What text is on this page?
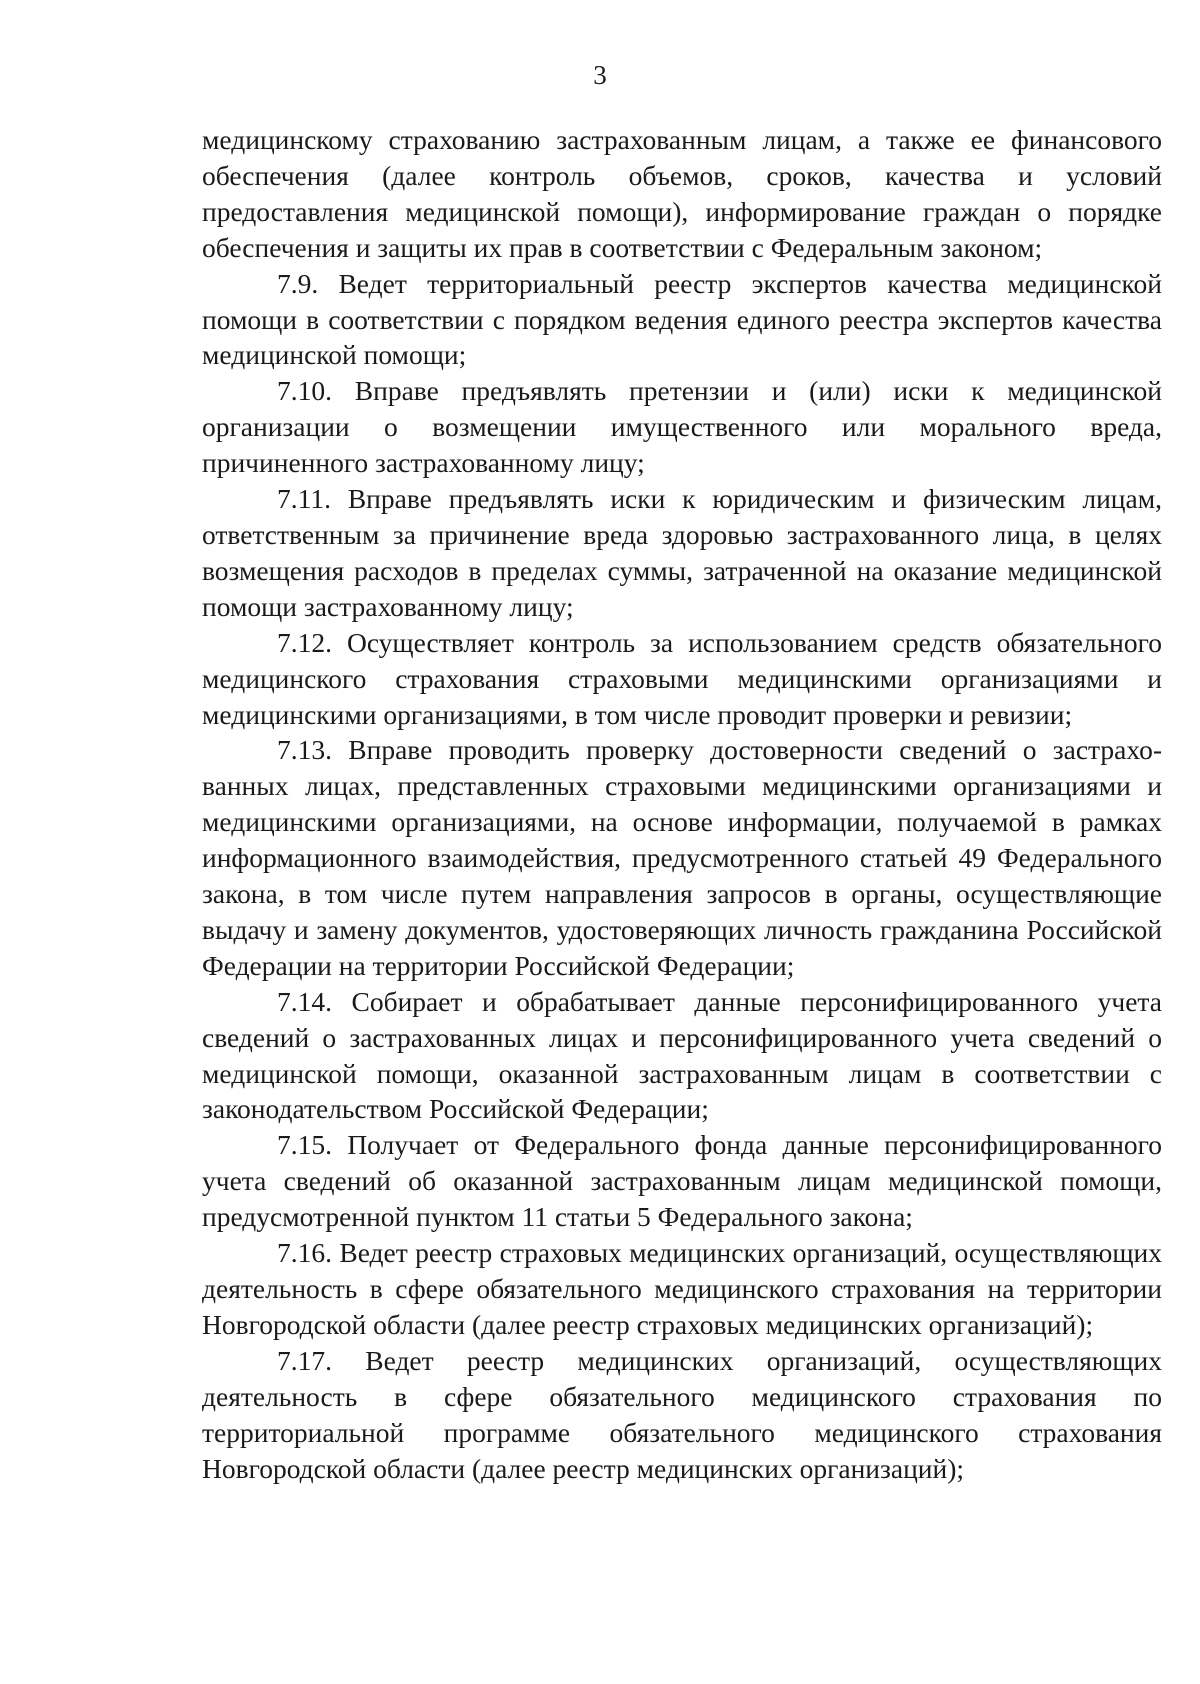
3

медицинскому страхованию застрахованным лицам, а также ее финансового обеспечения (далее контроль объемов, сроков, качества и условий предоставления медицинской помощи), информирование граждан о порядке обеспечения и защиты их прав в соответствии с Федеральным законом;

7.9. Ведет территориальный реестр экспертов качества медицинской помощи в соответствии с порядком ведения единого реестра экспертов качества медицинской помощи;

7.10. Вправе предъявлять претензии и (или) иски к медицинской организации о возмещении имущественного или морального вреда, причиненного застрахованному лицу;

7.11. Вправе предъявлять иски к юридическим и физическим лицам, ответственным за причинение вреда здоровью застрахованного лица, в целях возмещения расходов в пределах суммы, затраченной на оказание медицинской помощи застрахованному лицу;

7.12. Осуществляет контроль за использованием средств обязательного медицинского страхования страховыми медицинскими организациями и медицинскими организациями, в том числе проводит проверки и ревизии;

7.13. Вправе проводить проверку достоверности сведений о застрахованных лицах, представленных страховыми медицинскими организациями и медицинскими организациями, на основе информации, получаемой в рамках информационного взаимодействия, предусмотренного статьей 49 Федерального закона, в том числе путем направления запросов в органы, осуществляющие выдачу и замену документов, удостоверяющих личность гражданина Российской Федерации на территории Российской Федерации;

7.14. Собирает и обрабатывает данные персонифицированного учета сведений о застрахованных лицах и персонифицированного учета сведений о медицинской помощи, оказанной застрахованным лицам в соответствии с законодательством Российской Федерации;

7.15. Получает от Федерального фонда данные персонифицированного учета сведений об оказанной застрахованным лицам медицинской помощи, предусмотренной пунктом 11 статьи 5 Федерального закона;

7.16. Ведет реестр страховых медицинских организаций, осуществляющих деятельность в сфере обязательного медицинского страхования на территории Новгородской области (далее реестр страховых медицинских организаций);

7.17. Ведет реестр медицинских организаций, осуществляющих деятельность в сфере обязательного медицинского страхования по территориальной программе обязательного медицинского страхования Новгородской области (далее реестр медицинских организаций);
